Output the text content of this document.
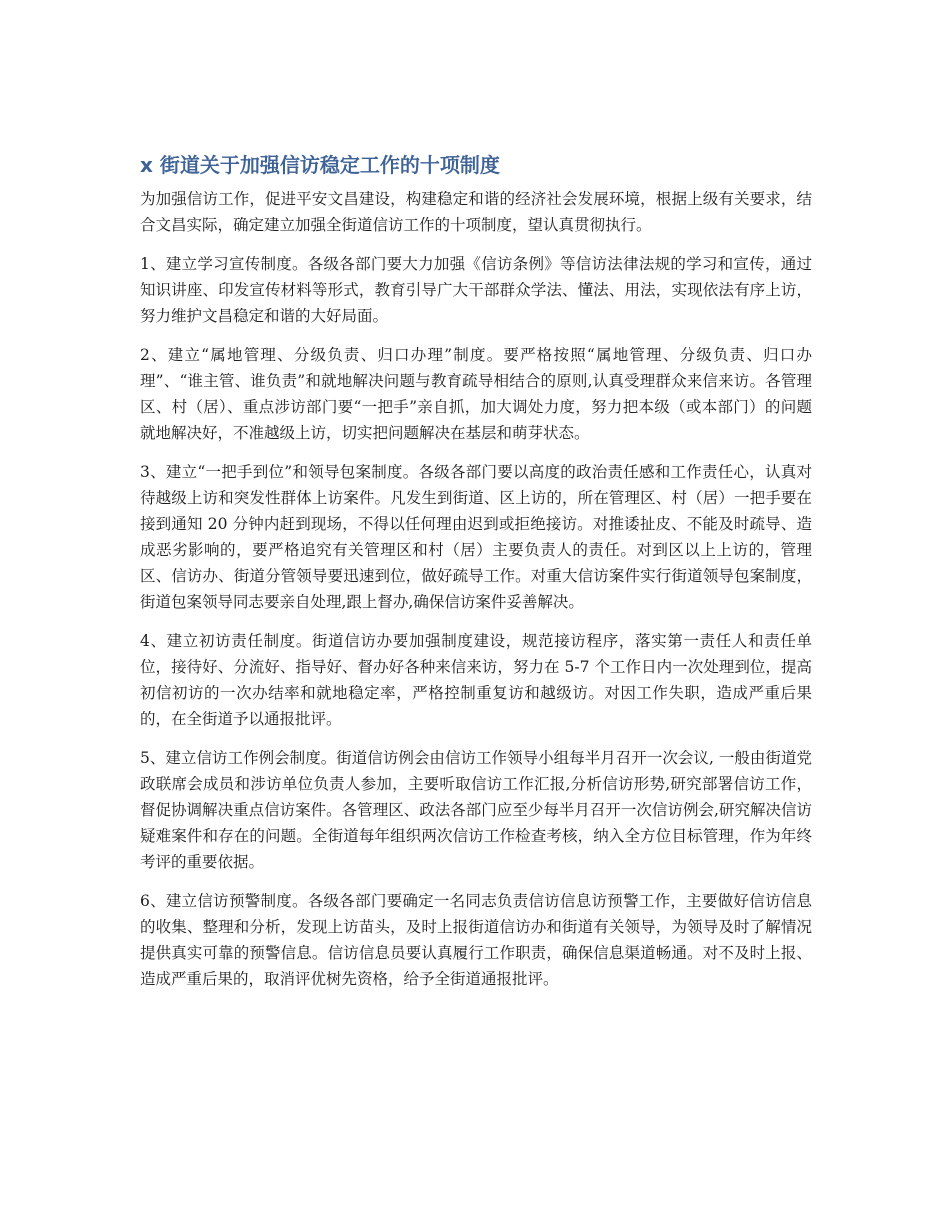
x 街道关于加强信访稳定工作的十项制度

为加强信访工作，促进平安文昌建设，构建稳定和谐的经济社会发展环境，根据上级有关要求，结合文昌实际，确定建立加强全街道信访工作的十项制度，望认真贯彻执行。

1、建立学习宣传制度。各级各部门要大力加强《信访条例》等信访法律法规的学习和宣传，通过知识讲座、印发宣传材料等形式，教育引导广大干部群众学法、懂法、用法，实现依法有序上访，努力维护文昌稳定和谐的大好局面。

2、建立“属地管理、分级负责、归口办理”制度。要严格按照“属地管理、分级负责、归口办理”、“谁主管、谁负责”和就地解决问题与教育疏导相结合的原则,认真受理群众来信来访。各管理区、村（居）、重点涉访部门要“一把手”亲自抓，加大调处力度，努力把本级（或本部门）的问题就地解决好，不准越级上访，切实把问题解决在基层和萌芽状态。

3、建立“一把手到位”和领导包案制度。各级各部门要以高度的政治责任感和工作责任心，认真对待越级上访和突发性群体上访案件。凡发生到街道、区上访的，所在管理区、村（居）一把手要在接到通知 20 分钟内赶到现场，不得以任何理由迟到或拒绝接访。对推诿扯皮、不能及时疏导、造成恶劣影响的，要严格追究有关管理区和村（居）主要负责人的责任。对到区以上上访的，管理区、信访办、街道分管领导要迅速到位，做好疏导工作。对重大信访案件实行街道领导包案制度，街道包案领导同志要亲自处理,跟上督办,确保信访案件妥善解决。

4、建立初访责任制度。街道信访办要加强制度建设，规范接访程序，落实第一责任人和责任单位，接待好、分流好、指导好、督办好各种来信来访，努力在 5-7 个工作日内一次处理到位，提高初信初访的一次办结率和就地稳定率，严格控制重复访和越级访。对因工作失职，造成严重后果的，在全街道予以通报批评。

5、建立信访工作例会制度。街道信访例会由信访工作领导小组每半月召开一次会议, 一般由街道党政联席会成员和涉访单位负责人参加，主要听取信访工作汇报,分析信访形势,研究部署信访工作，督促协调解决重点信访案件。各管理区、政法各部门应至少每半月召开一次信访例会,研究解决信访疑难案件和存在的问题。全街道每年组织两次信访工作检查考核，纳入全方位目标管理，作为年终考评的重要依据。

6、建立信访预警制度。各级各部门要确定一名同志负责信访信息访预警工作，主要做好信访信息的收集、整理和分析，发现上访苗头，及时上报街道信访办和街道有关领导，为领导及时了解情况提供真实可靠的预警信息。信访信息员要认真履行工作职责，确保信息渠道畅通。对不及时上报、造成严重后果的，取消评优树先资格，给予全街道通报批评。
